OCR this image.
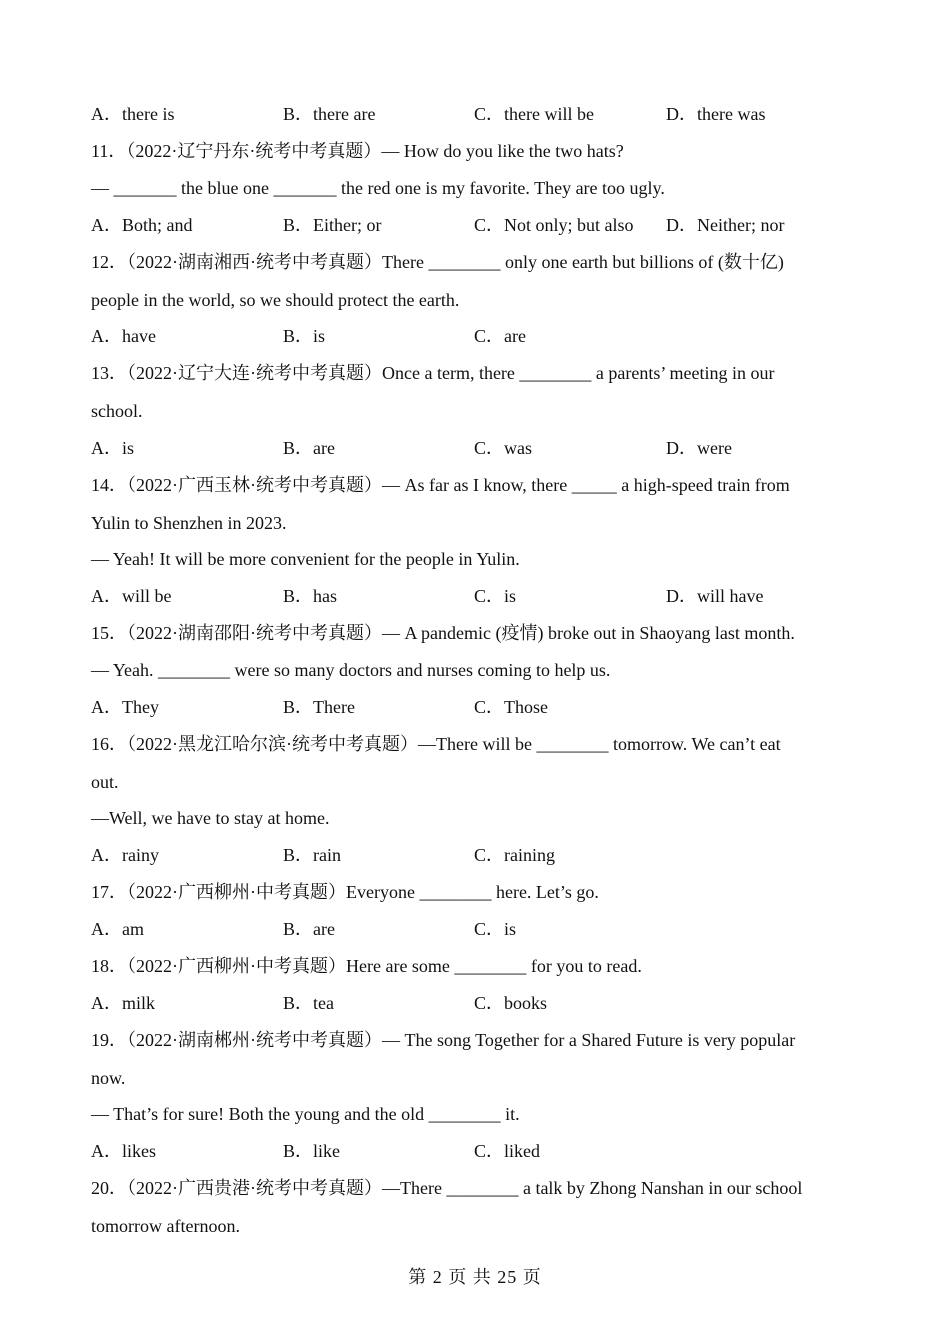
A．there is	B．there are	C．there will be	D．there was
11．（2022·辽宁丹东·统考中考真题）— How do you like the two hats?
— _______ the blue one _______ the red one is my favorite. They are too ugly.
A．Both; and	B．Either; or	C．Not only; but also D．Neither; nor
12．（2022·湖南湘西·统考中考真题）There ________ only one earth but billions of (数十亿)
people in the world, so we should protect the earth.
A．have	B．is	C．are
13．（2022·辽宁大连·统考中考真题）Once a term, there ________ a parents’ meeting in our
school.
A．is	B．are	C．was	D．were
14．（2022·广西玉林·统考中考真题）— As far as I know, there _____ a high-speed train from
Yulin to Shenzhen in 2023.
— Yeah! It will be more convenient for the people in Yulin.
A．will be	B．has	C．is	D．will have
15．（2022·湖南邵阳·统考中考真题）— A pandemic (疫情) broke out in Shaoyang last month.
— Yeah. ________ were so many doctors and nurses coming to help us.
A．They	B．There	C．Those
16．（2022·黑龙江哈尔滨·统考中考真题）—There will be ________ tomorrow. We can’t eat
out.
—Well, we have to stay at home.
A．rainy	B．rain	C．raining
17．（2022·广西柳州·中考真题）Everyone ________ here. Let’s go.
A．am	B．are	C．is
18．（2022·广西柳州·中考真题）Here are some ________ for you to read.
A．milk	B．tea	C．books
19．（2022·湖南郴州·统考中考真题）— The song Together for a Shared Future is very popular
now.
— That’s for sure! Both the young and the old ________ it.
A．likes	B．like	C．liked
20．（2022·广西贵港·统考中考真题）—There ________ a talk by Zhong Nanshan in our school
tomorrow afternoon.
第 2 页 共 25 页
